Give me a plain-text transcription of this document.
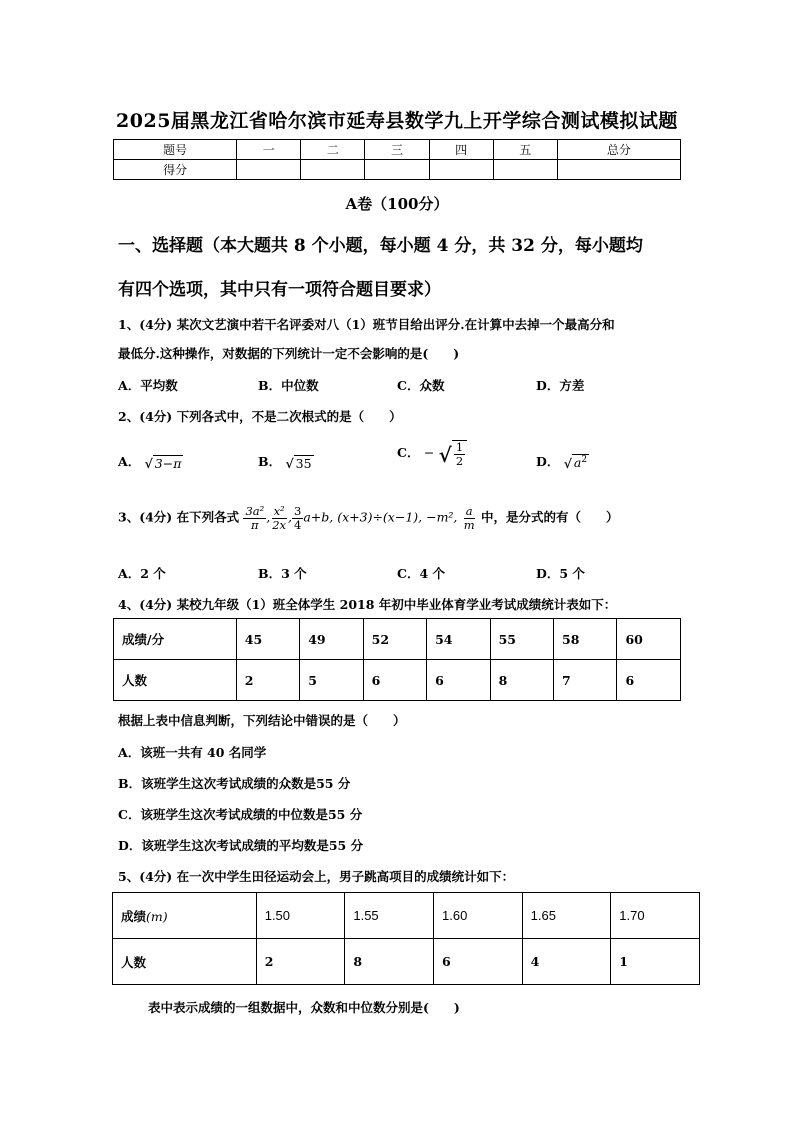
2025届黑龙江省哈尔滨市延寿县数学九上开学综合测试模拟试题
题号	一	二	三	四	五	总分
得分						
A卷（100分）
一、选择题（本大题共 8 个小题，每小题 4 分，共 32 分，每小题均
有四个选项，其中只有一项符合题目要求）
1、(4分) 某次文艺演中若干名评委对八（1）班节目给出评分.在计算中去掉一个最高分和
最低分.这种操作，对数据的下列统计一定不会影响的是(　　)
A．平均数	B．中位数	C．众数	D．方差
2、(4分) 下列各式中，不是二次根式的是（　　）
A． √ 3−π	B． √ 35
C． − √ $\frac{1}{2}$	D． √ $a^2$
3、(4分) 在下列各式 $\frac{\text{3a²}}{\pi}$ , $\frac{\text{x²}}{2x}$ , $\frac{3}{4} a+b$, (x+3)÷(x−1), −m², $\frac{a}{m}$ 中，是分式的有（　　）
A．2 个	B．3 个	C．4 个	D．5 个
4、(4分) 某校九年级（1）班全体学生 2018 年初中毕业体育学业考试成绩统计表如下：
成绩/分	45	49	52	54	55	58	60
人数	2	5	6	6	8	7	6
根据上表中信息判断，下列结论中错误的是（　　）
A．该班一共有 40 名同学
B．该班学生这次考试成绩的众数是55 分
C．该班学生这次考试成绩的中位数是55 分
D．该班学生这次考试成绩的平均数是55 分
5、(4分) 在一次中学生田径运动会上，男子跳高项目的成绩统计如下：
成绩(m)	1.50	1.55	1.60	1.65	1.70
人数	2	8	6	4	1
表中表示成绩的一组数据中，众数和中位数分别是(　　)
